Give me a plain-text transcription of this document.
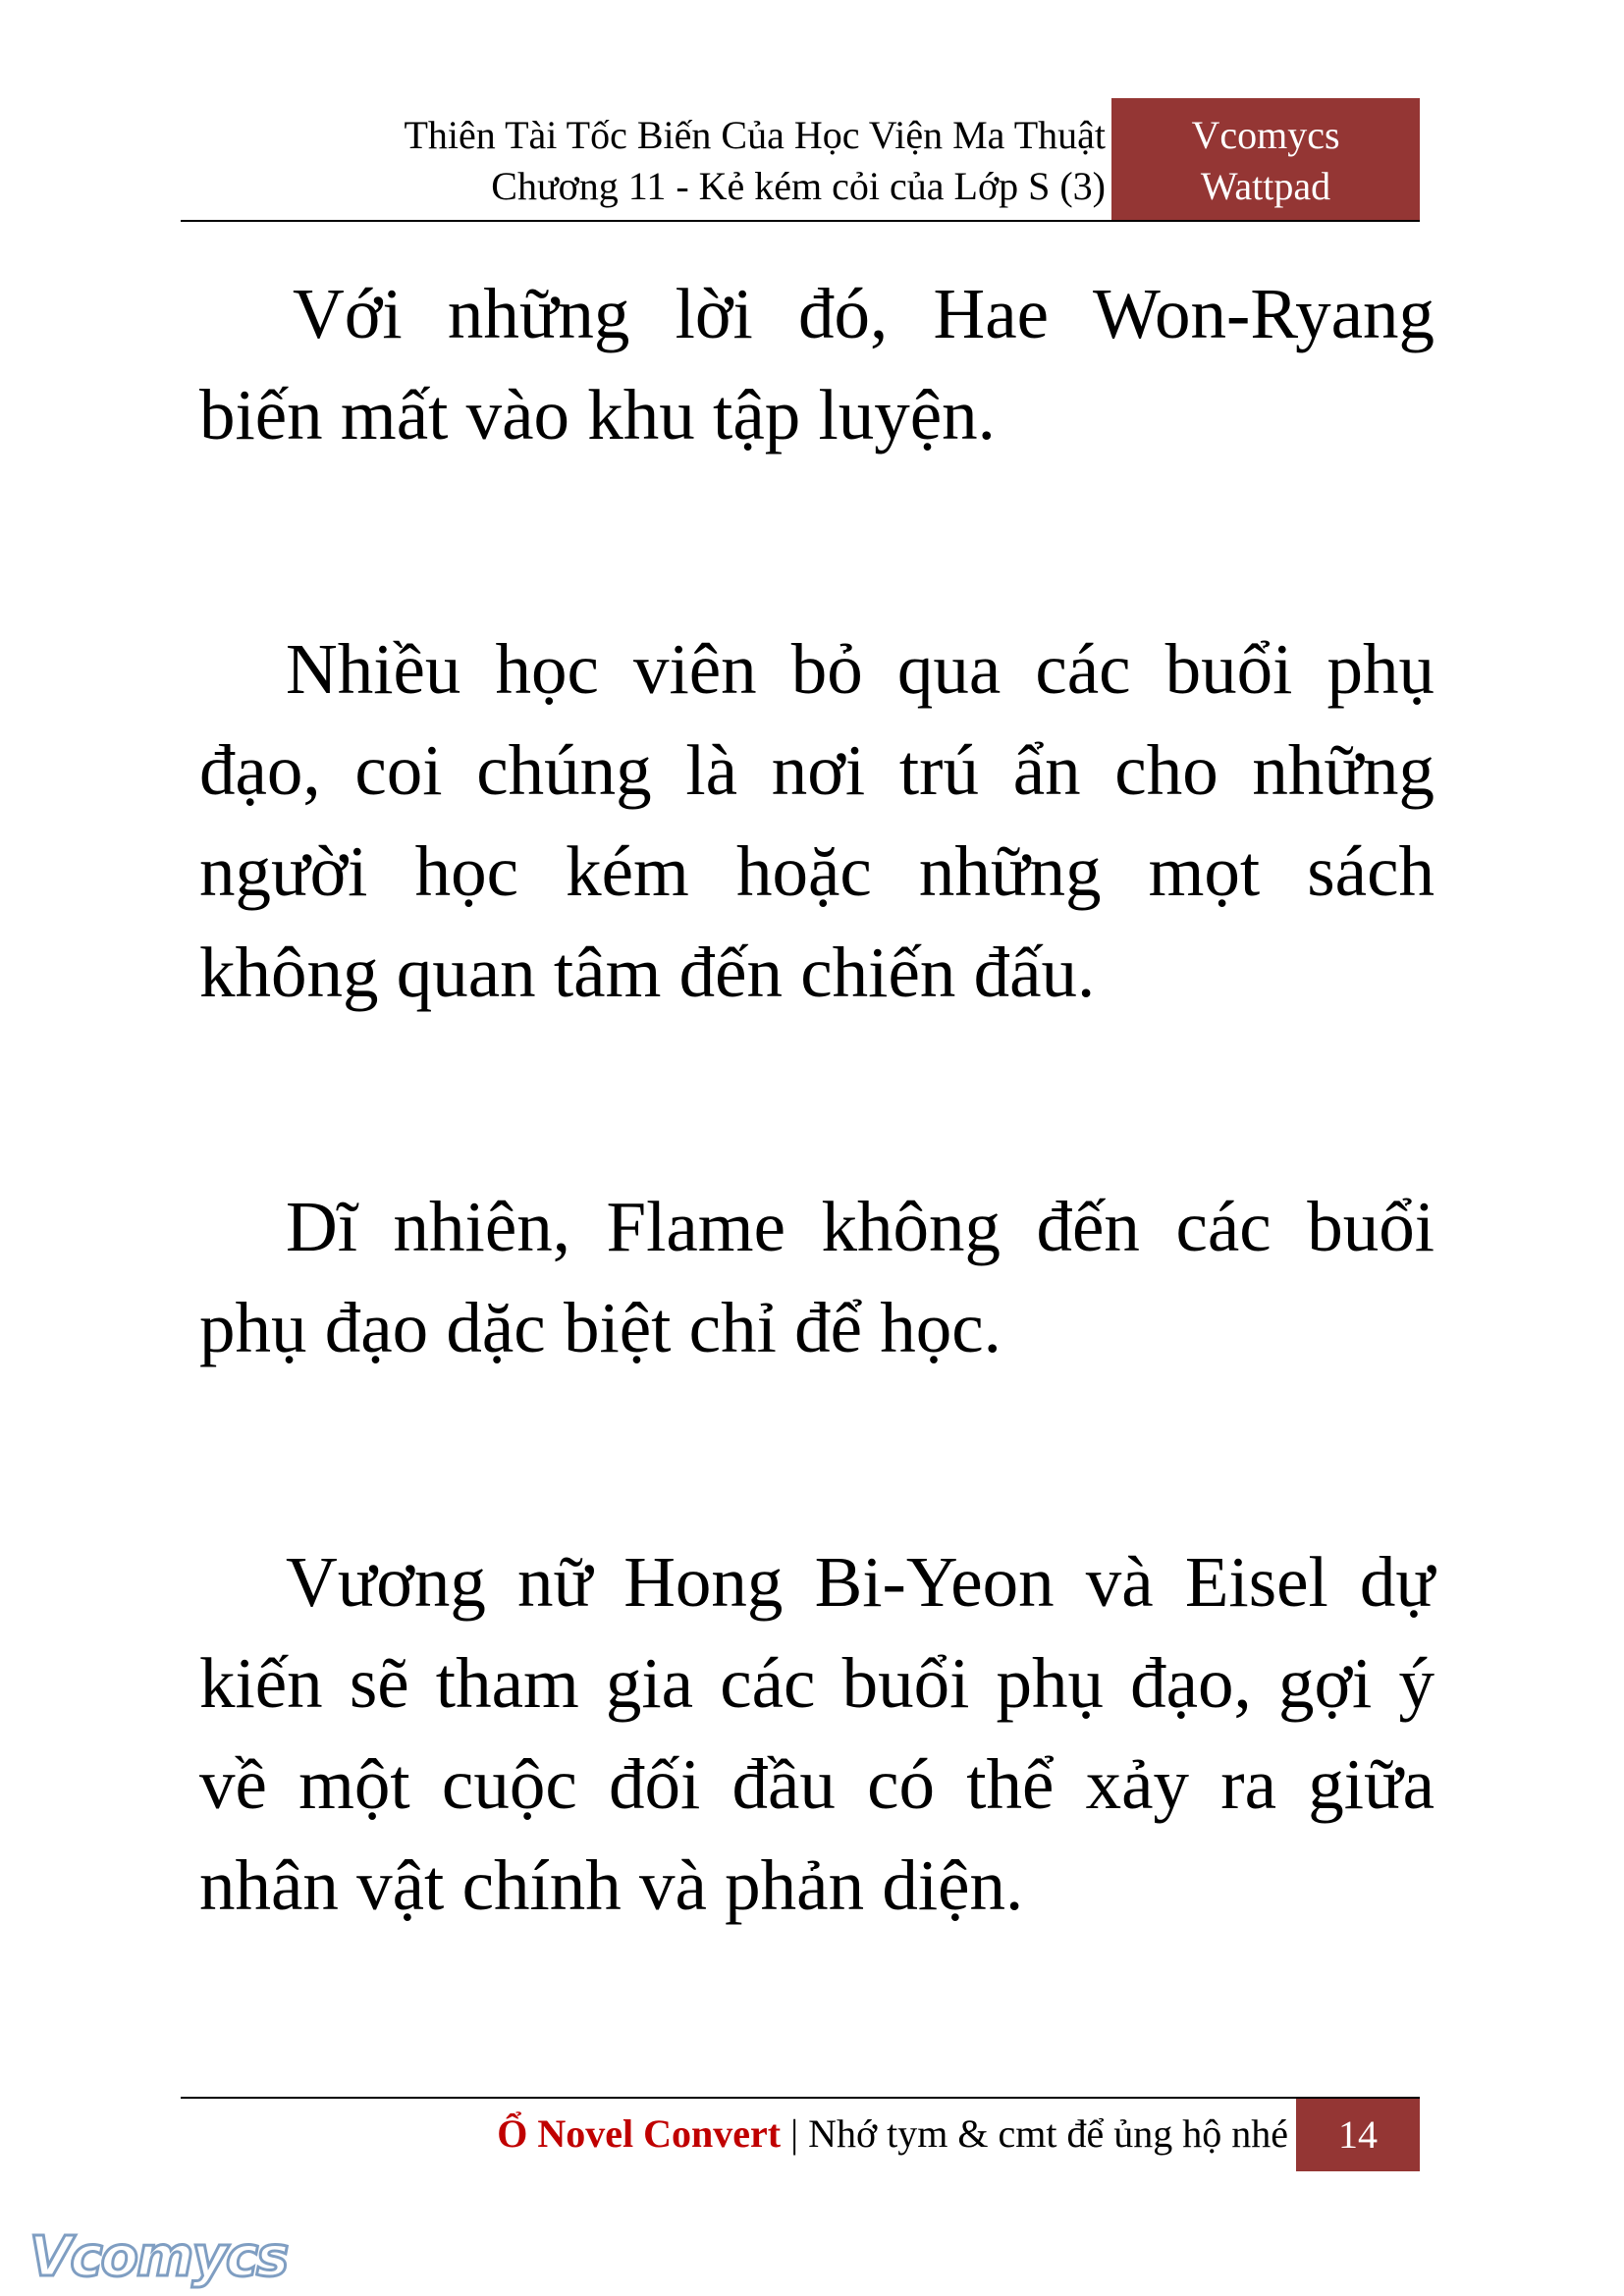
Thiên Tài Tốc Biến Của Học Viện Ma Thuật
Chương 11 - Kẻ kém cỏi của Lớp S (3)
Vcomycs
Wattpad

Với những lời đó, Hae Won-Ryang biến mất vào khu tập luyện.

Nhiều học viên bỏ qua các buổi phụ đạo, coi chúng là nơi trú ẩn cho những người học kém hoặc những mọt sách không quan tâm đến chiến đấu.

Dĩ nhiên, Flame không đến các buổi phụ đạo dặc biệt chỉ để học.

Vương nữ Hong Bi-Yeon và Eisel dự kiến sẽ tham gia các buổi phụ đạo, gợi ý về một cuộc đối đầu có thể xảy ra giữa nhân vật chính và phản diện.

Ổ Novel Convert | Nhớ tym & cmt để ủng hộ nhé	14
Vcomycs
